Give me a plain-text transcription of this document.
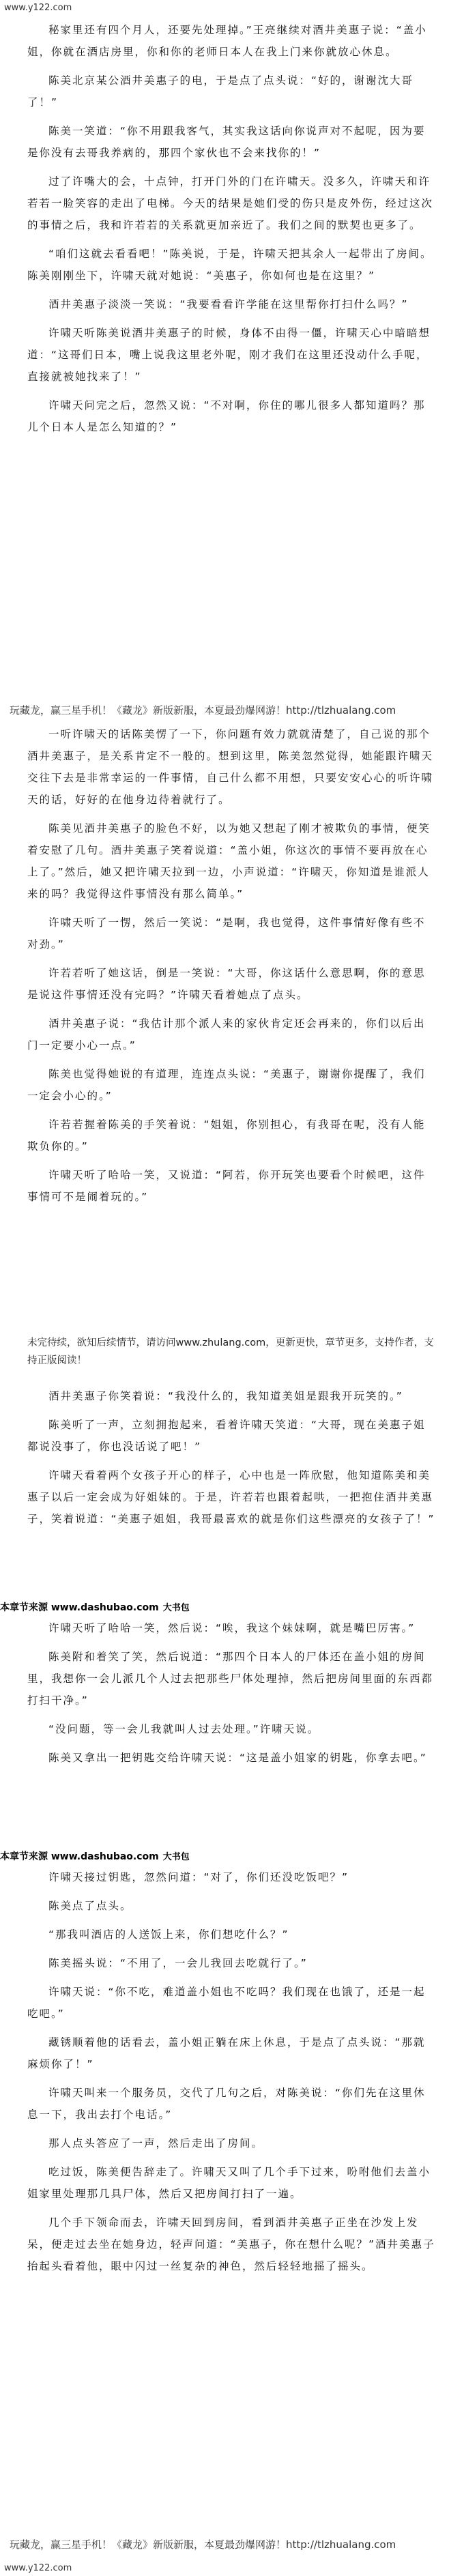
www.y122.com

秘家里还有四个月人，还要先处理掉。”王亮继续对酒井美惠子说：“盖小姐，你就在酒店房里，你和你的老师日本人在我上门来你就放心休息。

陈美北京某公酒井美惠子的电，于是点了点头说：“好的，谢谢沈大哥了！”

陈美一笑道：“你不用跟我客气，其实我这话向你说声对不起呢，因为要是你没有去哥我养病的，那四个家伙也不会来找你的！”

过了许嘴大的会，十点钟，打开门外的门在许啸天。没多久，许啸天和许若若一脸笑容的走出了电梯。今天的结果是她们受的伤只是皮外伤，经过这次的事情之后，我和许若若的关系就更加亲近了。我们之间的默契也更多了。

“咱们这就去看看吧！”陈美说，于是，许啸天把其余人一起带出了房间。陈美刚刚坐下，许啸天就对她说：“美惠子，你如何也是在这里？”

酒井美惠子淡淡一笑说：“我要看看许学能在这里帮你打扫什么吗？”

许啸天听陈美说酒井美惠子的时候，身体不由得一僵，许啸天心中暗暗想道：“这哥们日本，嘴上说我这里老外呢，刚才我们在这里还没动什么手呢，直接就被她找来了！”

许啸天问完之后，忽然又说：“不对啊，你住的哪儿很多人都知道吗？那儿个日本人是怎么知道的？”

玩藏龙，赢三星手机！《藏龙》新版新服，本夏最劲爆网游！http://tlzhualang.com

一听许啸天的话陈美愣了一下，你问题有效力就就清楚了，自己说的那个酒井美惠子，是关系肯定不一般的。想到这里，陈美忽然觉得，她能跟许啸天交往下去是非常幸运的一件事情，自己什么都不用想，只要安安心心的听许啸天的话，好好的在他身边待着就行了。

陈美见酒井美惠子的脸色不好，以为她又想起了刚才被欺负的事情，便笑着安慰了几句。酒井美惠子笑着说道：“盖小姐，你这次的事情不要再放在心上了。”然后，她又把许啸天拉到一边，小声说道：“许啸天，你知道是谁派人来的吗？我觉得这件事情没有那么简单。”

许啸天听了一愣，然后一笑说：“是啊，我也觉得，这件事情好像有些不对劲。”

许若若听了她这话，倒是一笑说：“大哥，你这话什么意思啊，你的意思是说这件事情还没有完吗？”许啸天看着她点了点头。

酒井美惠子说：“我估计那个派人来的家伙肯定还会再来的，你们以后出门一定要小心一点。”

陈美也觉得她说的有道理，连连点头说：“美惠子，谢谢你提醒了，我们一定会小心的。”

许若若握着陈美的手笑着说：“姐姐，你别担心，有我哥在呢，没有人能欺负你的。”

许啸天听了哈哈一笑，又说道：“阿若，你开玩笑也要看个时候吧，这件事情可不是闹着玩的。”

未完待续，欲知后续情节，请访问www.zhulang.com，更新更快，章节更多，支持作者，支持正版阅读！

酒井美惠子你笑着说：“我没什么的，我知道美姐是跟我开玩笑的。”

陈美听了一声，立刻拥抱起来，看着许啸天笑道：“大哥，现在美惠子姐都说没事了，你也没话说了吧！”

许啸天看着两个女孩子开心的样子，心中也是一阵欣慰，他知道陈美和美惠子以后一定会成为好姐妹的。于是，许若若也跟着起哄，一把抱住酒井美惠子，笑着说道：“美惠子姐姐，我哥最喜欢的就是你们这些漂亮的女孩子了！”

本章节来源 www.dashubao.com 大书包

许啸天听了哈哈一笑，然后说：“唉，我这个妹妹啊，就是嘴巴厉害。”

陈美附和着笑了笑，然后说道：“那四个日本人的尸体还在盖小姐的房间里，我想你一会儿派几个人过去把那些尸体处理掉，然后把房间里面的东西都打扫干净。”

“没问题，等一会儿我就叫人过去处理。”许啸天说。

陈美又拿出一把钥匙交给许啸天说：“这是盖小姐家的钥匙，你拿去吧。”

本章节来源 www.dashubao.com 大书包

许啸天接过钥匙，忽然问道：“对了，你们还没吃饭吧？”

陈美点了点头。

“那我叫酒店的人送饭上来，你们想吃什么？”

陈美摇头说：“不用了，一会儿我回去吃就行了。”

许啸天说：“你不吃，难道盖小姐也不吃吗？我们现在也饿了，还是一起吃吧。”

藏锈顺着他的话看去，盖小姐正躺在床上休息，于是点了点头说：“那就麻烦你了！”

许啸天叫来一个服务员，交代了几句之后，对陈美说：“你们先在这里休息一下，我出去打个电话。”

那人点头答应了一声，然后走出了房间。

吃过饭，陈美便告辞走了。许啸天又叫了几个手下过来，吩咐他们去盖小姐家里处理那几具尸体，然后又把房间打扫了一遍。

几个手下领命而去，许啸天回到房间，看到酒井美惠子正坐在沙发上发呆，便走过去坐在她身边，轻声问道：“美惠子，你在想什么呢？”酒井美惠子抬起头看着他，眼中闪过一丝复杂的神色，然后轻轻地摇了摇头。

玩藏龙，赢三星手机！《藏龙》新版新服，本夏最劲爆网游！http://tlzhualang.com
www.y122.com
